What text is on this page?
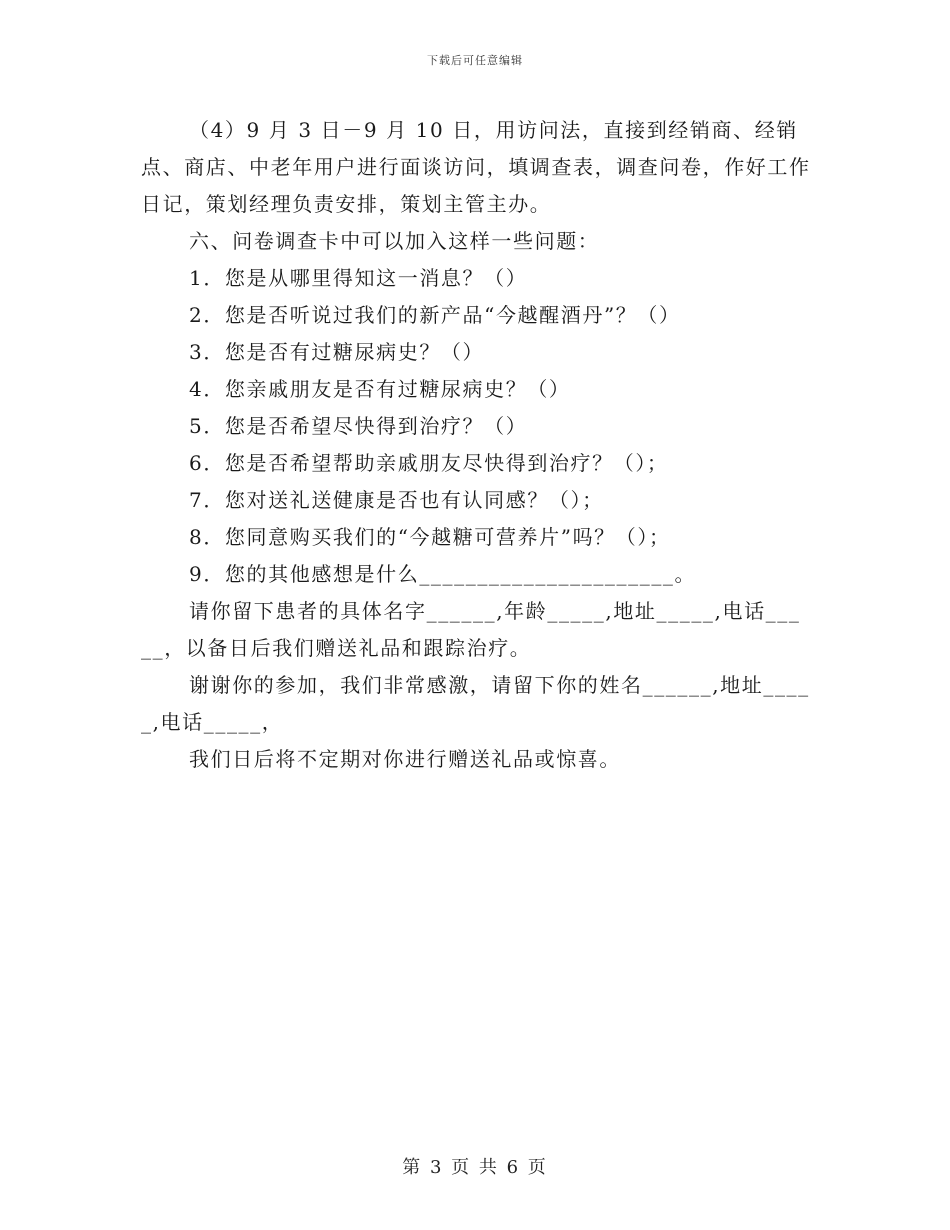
下载后可任意编辑

（4）9 月 3 日－9 月 10 日，用访问法，直接到经销商、经销点、商店、中老年用户进行面谈访问，填调查表，调查问卷，作好工作日记，策划经理负责安排，策划主管主办。

六、问卷调查卡中可以加入这样一些问题：

1．您是从哪里得知这一消息？（）

2．您是否听说过我们的新产品“今越醒酒丹”？（）

3．您是否有过糖尿病史？（）

4．您亲戚朋友是否有过糖尿病史？（）

5．您是否希望尽快得到治疗？（）

6．您是否希望帮助亲戚朋友尽快得到治疗？（）；

7．您对送礼送健康是否也有认同感？（）；

8．您同意购买我们的“今越糖可营养片”吗？（）；

9．您的其他感想是什么______________________。

请你留下患者的具体名字______,年龄_____,地址_____,电话_____，以备日后我们赠送礼品和跟踪治疗。

谢谢你的参加，我们非常感激，请留下你的姓名______,地址_____,电话_____，

我们日后将不定期对你进行赠送礼品或惊喜。

第 3 页 共 6 页
